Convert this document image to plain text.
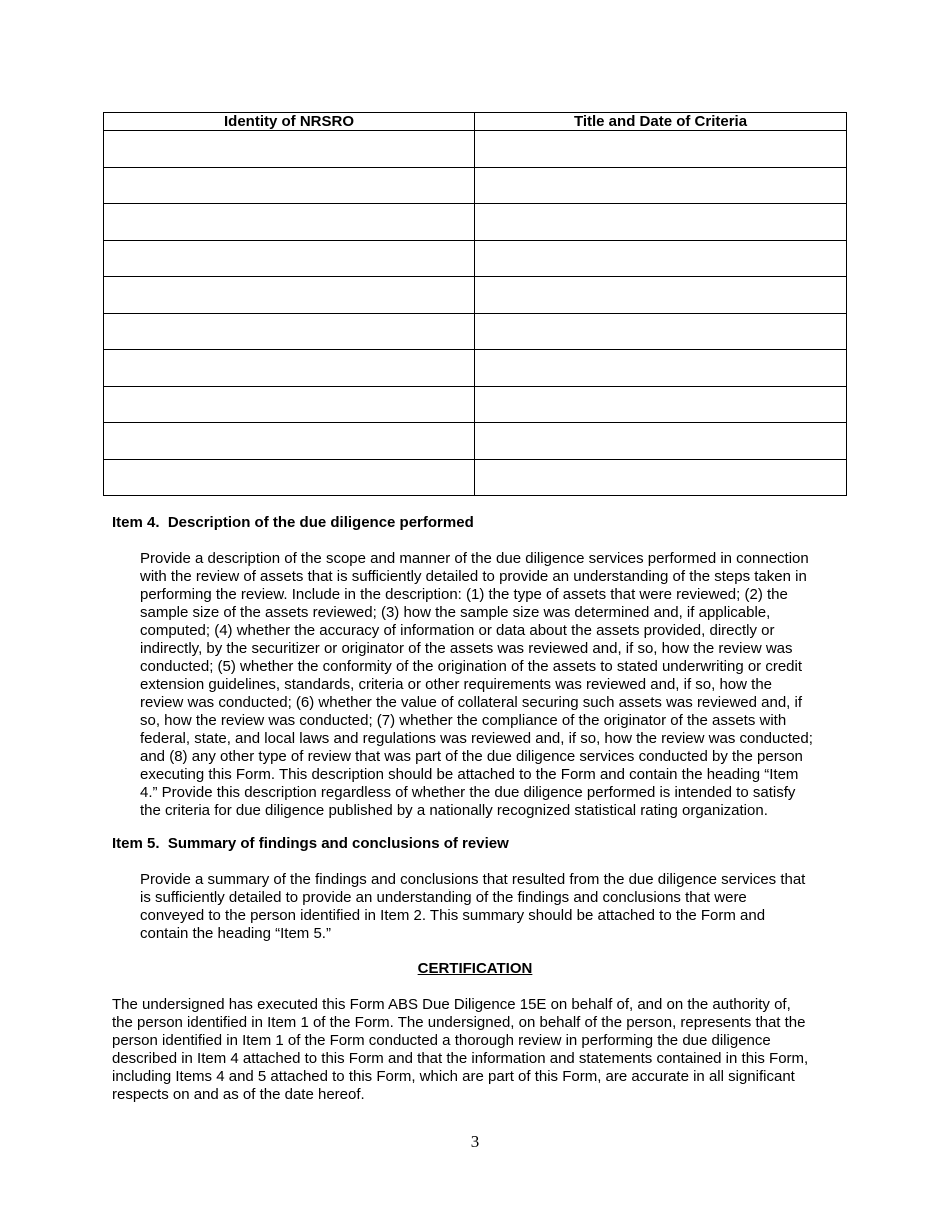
Identity of NRSRO	Title and Date of Criteria

Item 4.  Description of the due diligence performed
Provide a description of the scope and manner of the due diligence services performed in connection
with the review of assets that is sufficiently detailed to provide an understanding of the steps taken in
performing the review. Include in the description: (1) the type of assets that were reviewed; (2) the
sample size of the assets reviewed; (3) how the sample size was determined and, if applicable,
computed; (4) whether the accuracy of information or data about the assets provided, directly or
indirectly, by the securitizer or originator of the assets was reviewed and, if so, how the review was
conducted; (5) whether the conformity of the origination of the assets to stated underwriting or credit
extension guidelines, standards, criteria or other requirements was reviewed and, if so, how the
review was conducted; (6) whether the value of collateral securing such assets was reviewed and, if
so, how the review was conducted; (7) whether the compliance of the originator of the assets with
federal, state, and local laws and regulations was reviewed and, if so, how the review was conducted;
and (8) any other type of review that was part of the due diligence services conducted by the person
executing this Form. This description should be attached to the Form and contain the heading “Item
4.” Provide this description regardless of whether the due diligence performed is intended to satisfy
the criteria for due diligence published by a nationally recognized statistical rating organization.
Item 5.  Summary of findings and conclusions of review
Provide a summary of the findings and conclusions that resulted from the due diligence services that
is sufficiently detailed to provide an understanding of the findings and conclusions that were
conveyed to the person identified in Item 2. This summary should be attached to the Form and
contain the heading “Item 5.”
CERTIFICATION
The undersigned has executed this Form ABS Due Diligence 15E on behalf of, and on the authority of,
the person identified in Item 1 of the Form. The undersigned, on behalf of the person, represents that the
person identified in Item 1 of the Form conducted a thorough review in performing the due diligence
described in Item 4 attached to this Form and that the information and statements contained in this Form,
including Items 4 and 5 attached to this Form, which are part of this Form, are accurate in all significant
respects on and as of the date hereof.
3
